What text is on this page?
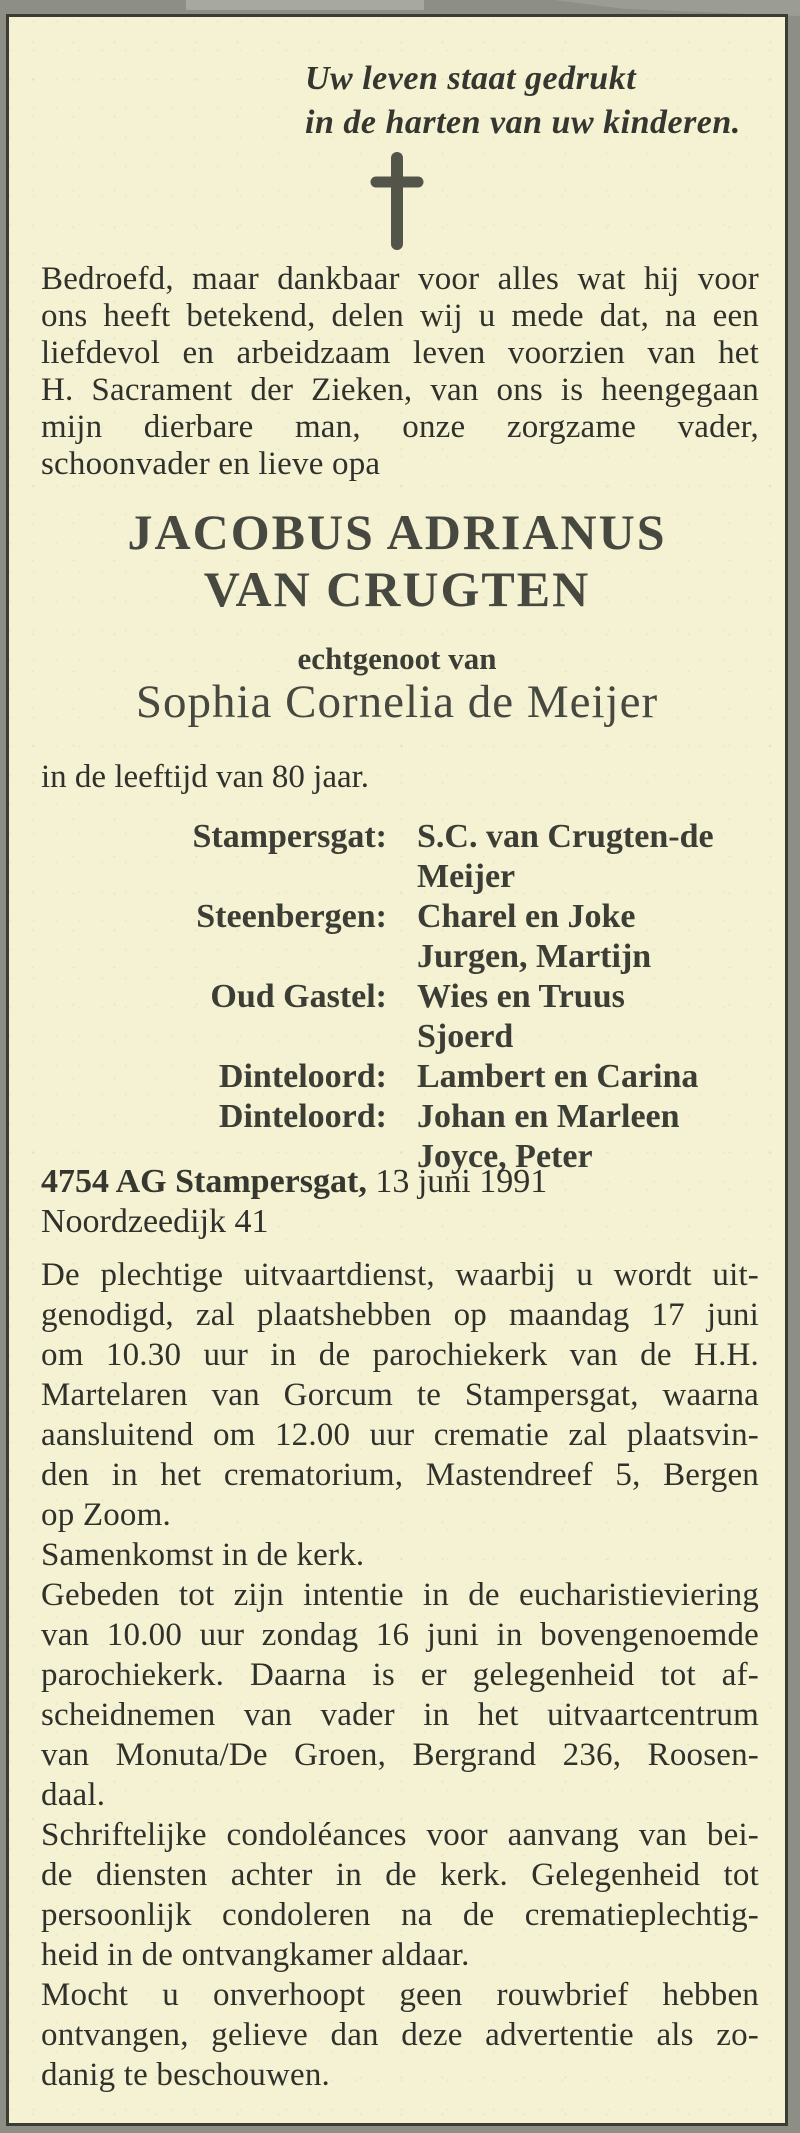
Uw leven staat gedrukt
in de harten van uw kinderen.
Bedroefd, maar dankbaar voor alles wat hij voor
ons heeft betekend, delen wij u mede dat, na een
liefdevol en arbeidzaam leven voorzien van het
H. Sacrament der Zieken, van ons is heengegaan
mijn dierbare man, onze zorgzame vader,
schoonvader en lieve opa
JACOBUS ADRIANUS
VAN CRUGTEN
echtgenoot van
Sophia Cornelia de Meijer
in de leeftijd van 80 jaar.
Stampersgat: S.C. van Crugten-de Meijer
Steenbergen: Charel en Joke
Jurgen, Martijn
Oud Gastel: Wies en Truus
Sjoerd
Dinteloord: Lambert en Carina
Dinteloord: Johan en Marleen
Joyce, Peter
4754 AG Stampersgat, 13 juni 1991
Noordzeedijk 41
De plechtige uitvaartdienst, waarbij u wordt uit-
genodigd, zal plaatshebben op maandag 17 juni
om 10.30 uur in de parochiekerk van de H.H.
Martelaren van Gorcum te Stampersgat, waarna
aansluitend om 12.00 uur crematie zal plaatsvin-
den in het crematorium, Mastendreef 5, Bergen
op Zoom.
Samenkomst in de kerk.
Gebeden tot zijn intentie in de eucharistieviering
van 10.00 uur zondag 16 juni in bovengenoemde
parochiekerk. Daarna is er gelegenheid tot af-
scheidnemen van vader in het uitvaartcentrum
van Monuta/De Groen, Bergrand 236, Roosen-
daal.
Schriftelijke condoléances voor aanvang van bei-
de diensten achter in de kerk. Gelegenheid tot
persoonlijk condoleren na de crematieplechtig-
heid in de ontvangkamer aldaar.
Mocht u onverhoopt geen rouwbrief hebben
ontvangen, gelieve dan deze advertentie als zo-
danig te beschouwen.
